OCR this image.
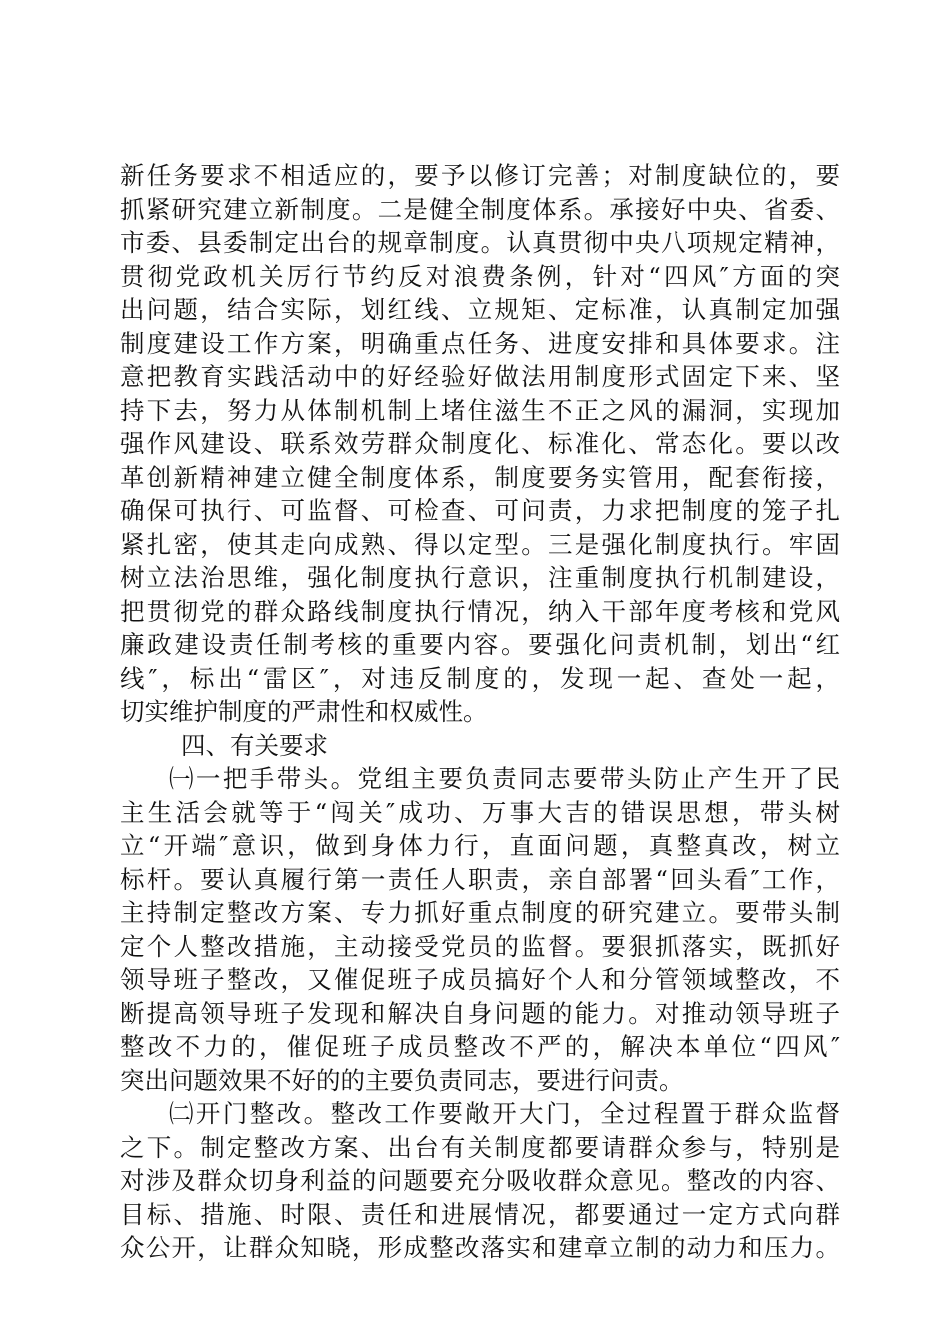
新任务要求不相适应的，要予以修订完善；对制度缺位的，要
抓紧研究建立新制度。二是健全制度体系。承接好中央、省委、
市委、县委制定出台的规章制度。认真贯彻中央八项规定精神，
贯彻党政机关厉行节约反对浪费条例，针对“四风″方面的突
出问题，结合实际，划红线、立规矩、定标准，认真制定加强
制度建设工作方案，明确重点任务、进度安排和具体要求。注
意把教育实践活动中的好经验好做法用制度形式固定下来、坚
持下去，努力从体制机制上堵住滋生不正之风的漏洞，实现加
强作风建设、联系效劳群众制度化、标准化、常态化。要以改
革创新精神建立健全制度体系，制度要务实管用，配套衔接，
确保可执行、可监督、可检查、可问责，力求把制度的笼子扎
紧扎密，使其走向成熟、得以定型。三是强化制度执行。牢固
树立法治思维，强化制度执行意识，注重制度执行机制建设，
把贯彻党的群众路线制度执行情况，纳入干部年度考核和党风
廉政建设责任制考核的重要内容。要强化问责机制，划出“红
线″，标出“雷区″，对违反制度的，发现一起、查处一起，
切实维护制度的严肃性和权威性。
四、有关要求
㈠一把手带头。党组主要负责同志要带头防止产生开了民
主生活会就等于“闯关″成功、万事大吉的错误思想，带头树
立“开端″意识，做到身体力行，直面问题，真整真改，树立
标杆。要认真履行第一责任人职责，亲自部署“回头看″工作，
主持制定整改方案、专力抓好重点制度的研究建立。要带头制
定个人整改措施，主动接受党员的监督。要狠抓落实，既抓好
领导班子整改，又催促班子成员搞好个人和分管领域整改，不
断提高领导班子发现和解决自身问题的能力。对推动领导班子
整改不力的，催促班子成员整改不严的，解决本单位“四风″
突出问题效果不好的的主要负责同志，要进行问责。
㈡开门整改。整改工作要敞开大门，全过程置于群众监督
之下。制定整改方案、出台有关制度都要请群众参与，特别是
对涉及群众切身利益的问题要充分吸收群众意见。整改的内容、
目标、措施、时限、责任和进展情况，都要通过一定方式向群
众公开，让群众知晓，形成整改落实和建章立制的动力和压力。
